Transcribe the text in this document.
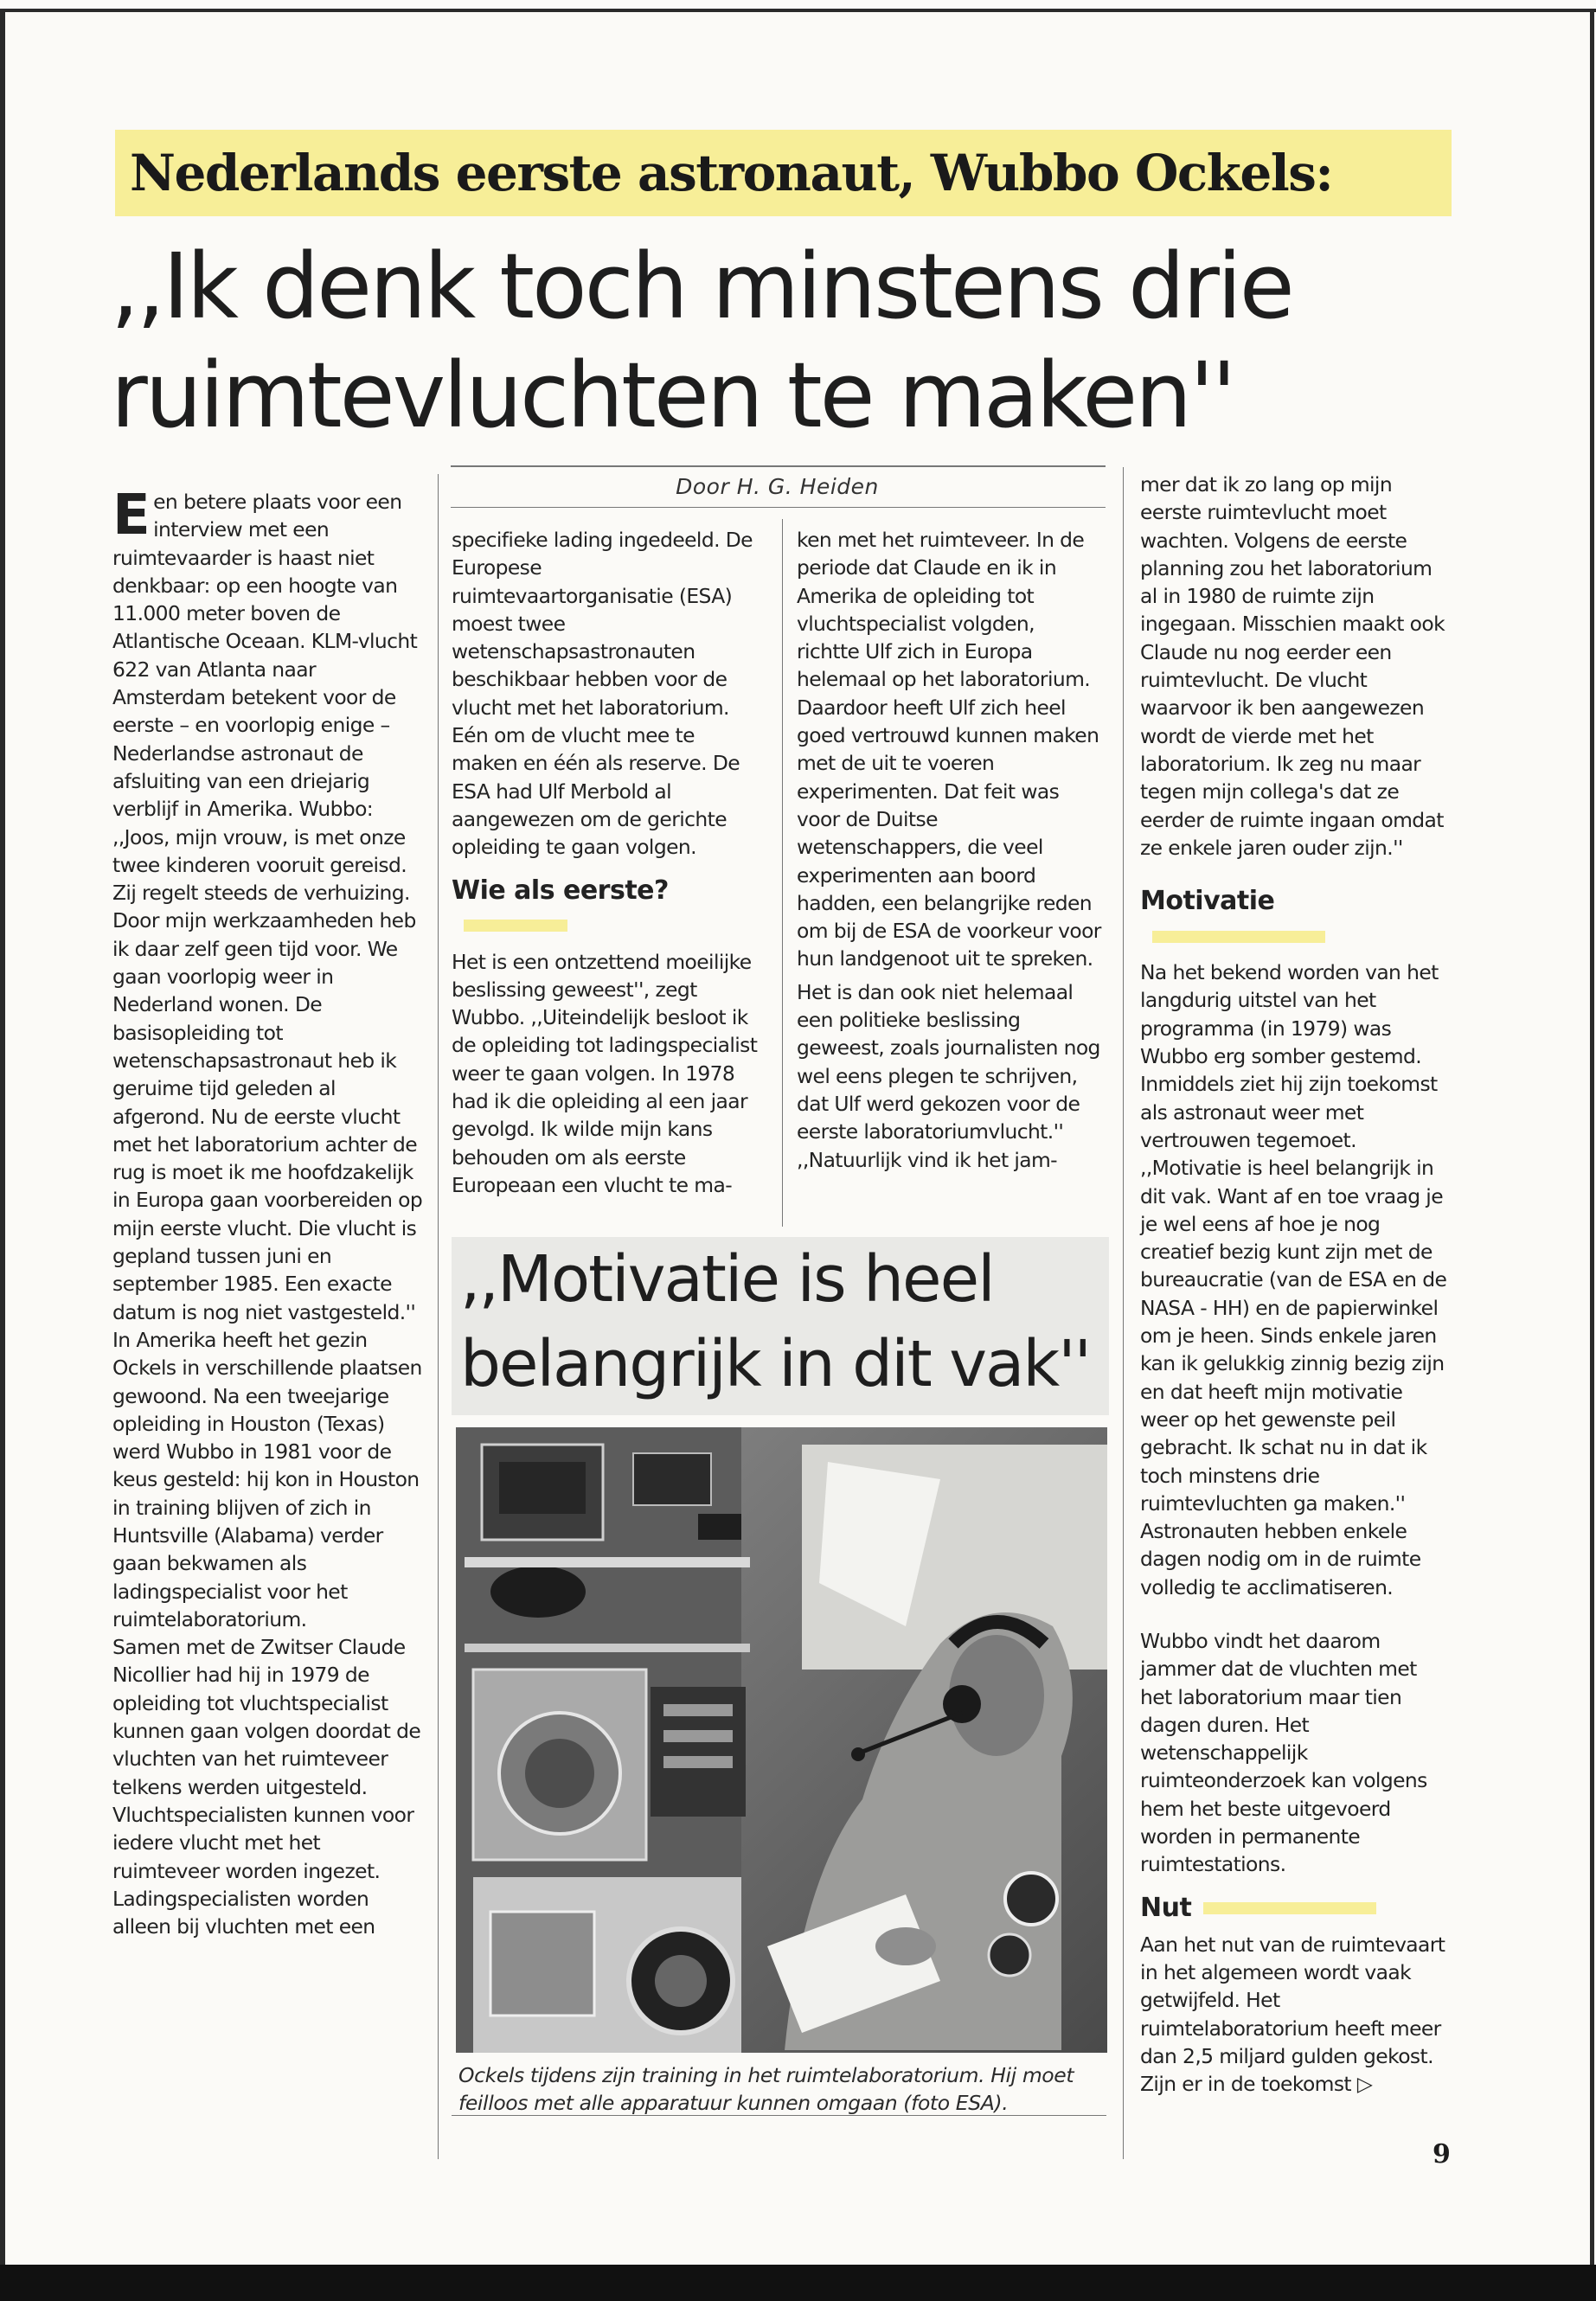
Nederlands eerste astronaut, Wubbo Ockels:
,,Ik denk toch minstens drie
ruimtevluchten te maken''
Door H. G. Heiden

Een betere plaats voor een interview met een ruimtevaarder is haast niet denkbaar: op een hoogte van 11.000 meter boven de Atlantische Oceaan. KLM-vlucht 622 van Atlanta naar Amsterdam betekent voor de eerste – en voorlopig enige – Nederlandse astronaut de afsluiting van een driejarig verblijf in Amerika. Wubbo: ,,Joos, mijn vrouw, is met onze twee kinderen vooruit gereisd. Zij regelt steeds de verhuizing. Door mijn werkzaamheden heb ik daar zelf geen tijd voor. We gaan voorlopig weer in Nederland wonen. De basisopleiding tot wetenschapsastronaut heb ik geruime tijd geleden al afgerond. Nu de eerste vlucht met het laboratorium achter de rug is moet ik me hoofdzakelijk in Europa gaan voorbereiden op mijn eerste vlucht. Die vlucht is gepland tussen juni en september 1985. Een exacte datum is nog niet vastgesteld.''

In Amerika heeft het gezin Ockels in verschillende plaatsen gewoond. Na een tweejarige opleiding in Houston (Texas) werd Wubbo in 1981 voor de keus gesteld: hij kon in Houston in training blijven of zich in Huntsville (Alabama) verder gaan bekwamen als ladingspecialist voor het ruimtelaboratorium.

Samen met de Zwitser Claude Nicollier had hij in 1979 de opleiding tot vluchtspecialist kunnen gaan volgen doordat de vluchten van het ruimteveer telkens werden uitgesteld. Vluchtspecialisten kunnen voor iedere vlucht met het ruimteveer worden ingezet. Ladingspecialisten worden alleen bij vluchten met een

specifieke lading ingedeeld. De Europese ruimtevaartorganisatie (ESA) moest twee wetenschapsastronauten beschikbaar hebben voor de vlucht met het laboratorium. Eén om de vlucht mee te maken en één als reserve. De ESA had Ulf Merbold al aangewezen om de gerichte opleiding te gaan volgen.

Wie als eerste?

Het is een ontzettend moeilijke beslissing geweest'', zegt Wubbo. ,,Uiteindelijk besloot ik de opleiding tot ladingspecialist weer te gaan volgen. In 1978 had ik die opleiding al een jaar gevolgd. Ik wilde mijn kans behouden om als eerste Europeaan een vlucht te ma-

ken met het ruimteveer. In de periode dat Claude en ik in Amerika de opleiding tot vluchtspecialist volgden, richtte Ulf zich in Europa helemaal op het laboratorium. Daardoor heeft Ulf zich heel goed vertrouwd kunnen maken met de uit te voeren experimenten. Dat feit was voor de Duitse wetenschappers, die veel experimenten aan boord hadden, een belangrijke reden om bij de ESA de voorkeur voor hun landgenoot uit te spreken.

Het is dan ook niet helemaal een politieke beslissing geweest, zoals journalisten nog wel eens plegen te schrijven, dat Ulf werd gekozen voor de eerste laboratoriumvlucht.''

,,Natuurlijk vind ik het jam-

mer dat ik zo lang op mijn eerste ruimtevlucht moet wachten. Volgens de eerste planning zou het laboratorium al in 1980 de ruimte zijn ingegaan. Misschien maakt ook Claude nu nog eerder een ruimtevlucht. De vlucht waarvoor ik ben aangewezen wordt de vierde met het laboratorium. Ik zeg nu maar tegen mijn collega's dat ze eerder de ruimte ingaan omdat ze enkele jaren ouder zijn.''

Motivatie

Na het bekend worden van het langdurig uitstel van het programma (in 1979) was Wubbo erg somber gestemd. Inmiddels ziet hij zijn toekomst als astronaut weer met vertrouwen tegemoet. ,,Motivatie is heel belangrijk in dit vak. Want af en toe vraag je je wel eens af hoe je nog creatief bezig kunt zijn met de bureaucratie (van de ESA en de NASA - HH) en de papierwinkel om je heen. Sinds enkele jaren kan ik gelukkig zinnig bezig zijn en dat heeft mijn motivatie weer op het gewenste peil gebracht. Ik schat nu in dat ik toch minstens drie ruimtevluchten ga maken.'' Astronauten hebben enkele dagen nodig om in de ruimte volledig te acclimatiseren.

Wubbo vindt het daarom jammer dat de vluchten met het laboratorium maar tien dagen duren. Het wetenschappelijk ruimteonderzoek kan volgens hem het beste uitgevoerd worden in permanente ruimtestations.

Nut

Aan het nut van de ruimtevaart in het algemeen wordt vaak getwijfeld. Het ruimtelaboratorium heeft meer dan 2,5 miljard gulden gekost. Zijn er in de toekomst ▷

,,Motivatie is heel
belangrijk in dit vak''
Ockels tijdens zijn training in het ruimtelaboratorium. Hij moet feilloos met alle apparatuur kunnen omgaan (foto ESA).
9
